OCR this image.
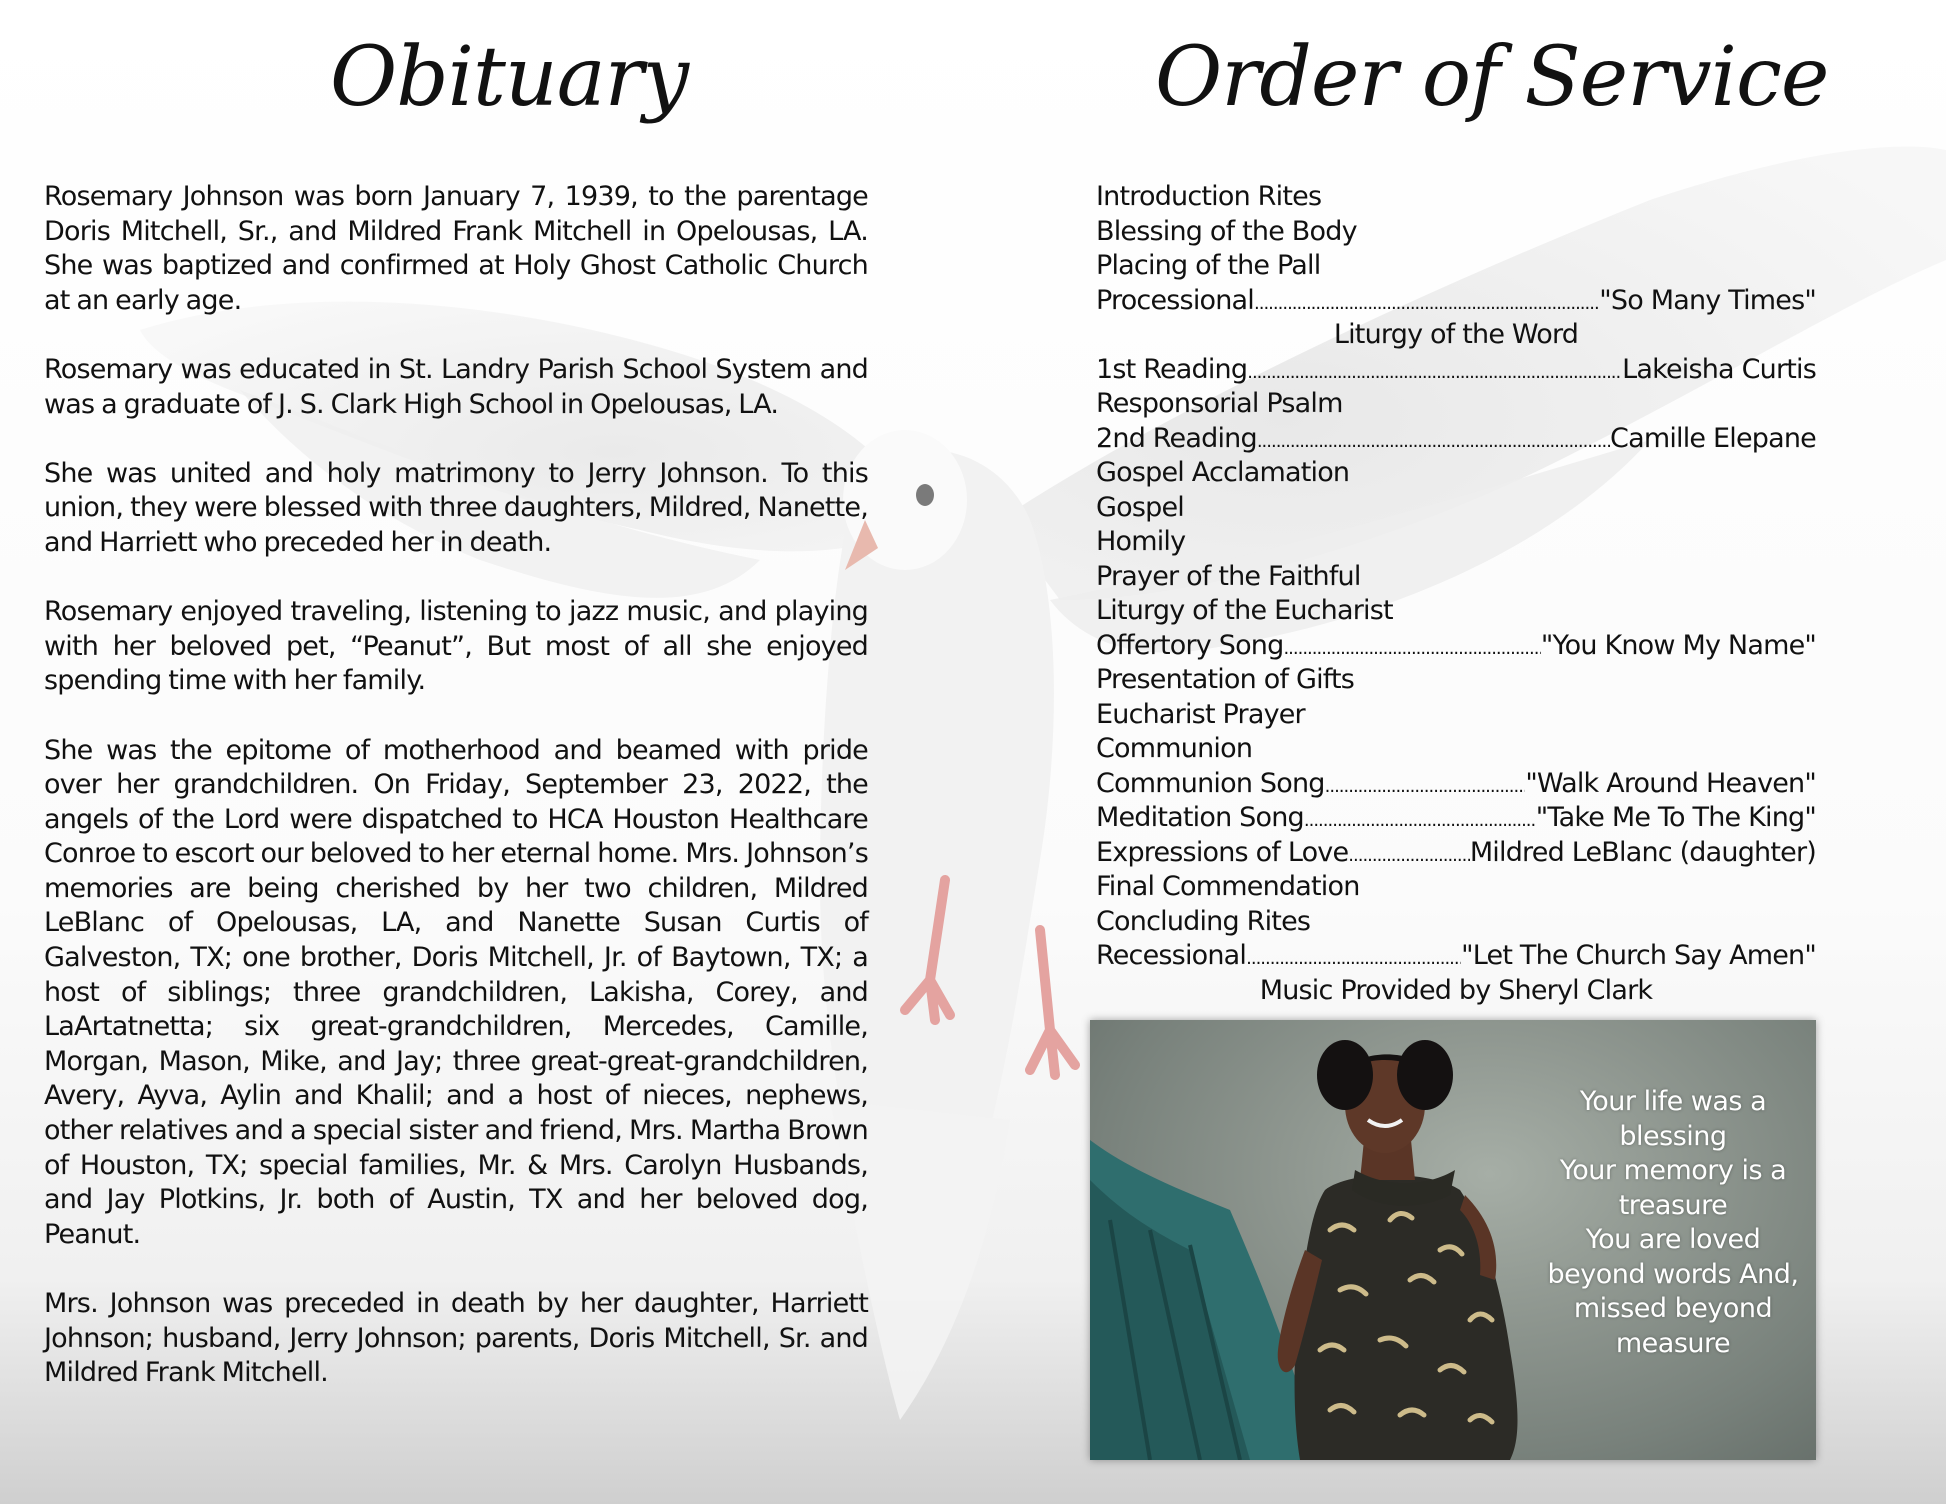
Obituary	Order of Service

Rosemary Johnson was born January 7, 1939, to the parentage Doris Mitchell, Sr., and Mildred Frank Mitchell in Opelousas, LA. She was baptized and confirmed at Holy Ghost Catholic Church at an early age.

Rosemary was educated in St. Landry Parish School System and was a graduate of J. S. Clark High School in Opelousas, LA.

She was united and holy matrimony to Jerry Johnson. To this union, they were blessed with three daughters, Mildred, Nanette, and Harriett who preceded her in death.

Rosemary enjoyed traveling, listening to jazz music, and playing with her beloved pet, “Peanut”, But most of all she enjoyed spending time with her family.

She was the epitome of motherhood and beamed with pride over her grandchildren. On Friday, September 23, 2022, the angels of the Lord were dispatched to HCA Houston Healthcare Conroe to escort our beloved to her eternal home. Mrs. Johnson’s memories are being cherished by her two children, Mildred LeBlanc of Opelousas, LA, and Nanette Susan Curtis of Galveston, TX; one brother, Doris Mitchell, Jr. of Baytown, TX; a host of siblings; three grandchildren, Lakisha, Corey, and LaArtatnetta; six great-grandchildren, Mercedes, Camille, Morgan, Mason, Mike, and Jay; three great-great-grandchildren, Avery, Ayva, Aylin and Khalil; and a host of nieces, nephews, other relatives and a special sister and friend, Mrs. Martha Brown of Houston, TX; special families, Mr. & Mrs. Carolyn Husbands, and Jay Plotkins, Jr. both of Austin, TX and her beloved dog, Peanut.

Mrs. Johnson was preceded in death by her daughter, Harriett Johnson; husband, Jerry Johnson; parents, Doris Mitchell, Sr. and Mildred Frank Mitchell.

Introduction Rites
Blessing of the Body
Placing of the Pall
Processional .....	"So Many Times"
Liturgy of the Word
1st Reading .....	Lakeisha Curtis
Responsorial Psalm
2nd Reading .....	Camille Elepane
Gospel Acclamation
Gospel
Homily
Prayer of the Faithful
Liturgy of the Eucharist
Offertory Song .....	"You Know My Name"
Presentation of Gifts
Eucharist Prayer
Communion
Communion Song .....	"Walk Around Heaven"
Meditation Song .....	"Take Me To The King"
Expressions of Love .....	Mildred LeBlanc (daughter)
Final Commendation
Concluding Rites
Recessional .....	"Let The Church Say Amen"
Music Provided by Sheryl Clark
Your life was a
blessing
Your memory is a
treasure
You are loved
beyond words And,
missed beyond
measure
